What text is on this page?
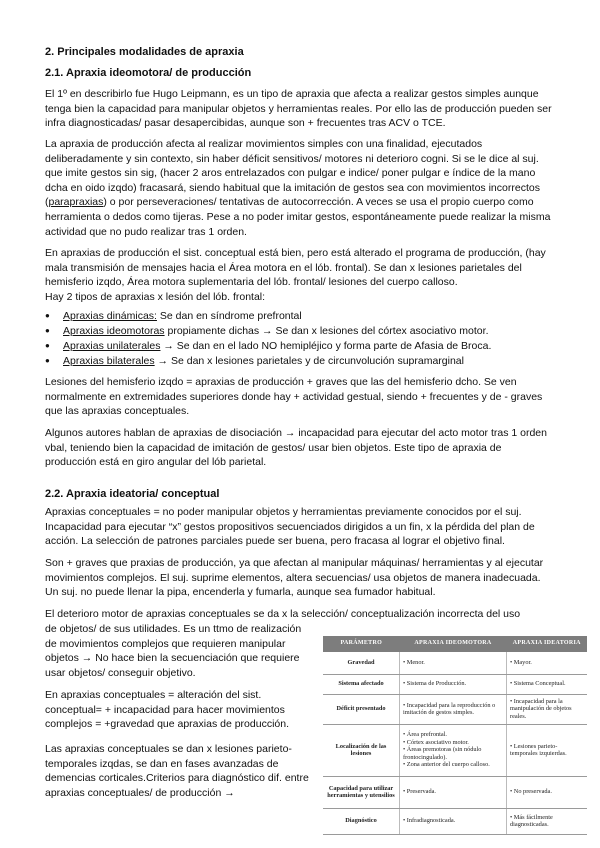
2. Principales modalidades de apraxia
2.1. Apraxia ideomotora/ de producción
El 1º en describirlo fue Hugo Leipmann, es un tipo de apraxia que afecta a realizar gestos simples aunque tenga bien la capacidad para manipular objetos y herramientas reales. Por ello las de producción pueden ser infra diagnosticadas/ pasar desapercibidas, aunque son + frecuentes tras ACV o TCE.
La apraxia de producción afecta al realizar movimientos simples con una finalidad, ejecutados deliberadamente y sin contexto, sin haber déficit sensitivos/ motores ni deterioro cogni. Si se le dice al suj. que imite gestos sin sig, (hacer 2 aros entrelazados con pulgar e indice/ poner pulgar e índice de la mano dcha en oido izqdo) fracasará, siendo habitual que la imitación de gestos sea con movimientos incorrectos (parapraxias) o por perseveraciones/ tentativas de autocorrección. A veces se usa el propio cuerpo como herramienta o dedos como tijeras. Pese a no poder imitar gestos, espontáneamente puede realizar la misma actividad que no pudo realizar tras 1 orden.
En apraxias de producción el sist. conceptual está bien, pero está alterado el programa de producción, (hay mala transmisión de mensajes hacia el Área motora en el lób. frontal). Se dan x lesiones parietales del hemisferio izqdo, Área motora suplementaria del lób. frontal/ lesiones del cuerpo calloso.
Hay 2 tipos de apraxias x lesión del lób. frontal:
● Apraxias dinámicas: Se dan en síndrome prefrontal
● Apraxias ideomotoras propiamente dichas → Se dan x lesiones del córtex asociativo motor.
● Apraxias unilaterales → Se dan en el lado NO hemipléjico y forma parte de Afasia de Broca.
● Apraxias bilaterales → Se dan x lesiones parietales y de circunvolución supramarginal
Lesiones del hemisferio izqdo = apraxias de producción + graves que las del hemisferio dcho. Se ven normalmente en extremidades superiores donde hay + actividad gestual, siendo + frecuentes y de - graves que las apraxias conceptuales.
Algunos autores hablan de apraxias de disociación → incapacidad para ejecutar del acto motor tras 1 orden vbal, teniendo bien la capacidad de imitación de gestos/ usar bien objetos. Este tipo de apraxia de producción está en giro angular del lób parietal.
2.2. Apraxia ideatoria/ conceptual
Apraxias conceptuales = no poder manipular objetos y herramientas previamente conocidos por el suj. Incapacidad para ejecutar “x” gestos propositivos secuenciados dirigidos a un fin, x la pérdida del plan de acción. La selección de patrones parciales puede ser buena, pero fracasa al lograr el objetivo final.
Son + graves que praxias de producción, ya que afectan al manipular máquinas/ herramientas y al ejecutar movimientos complejos. El suj. suprime elementos, altera secuencias/ usa objetos de manera inadecuada. Un suj. no puede llenar la pipa, encenderla y fumarla, aunque sea fumador habitual.
El deterioro motor de apraxias conceptuales se da x la selección/ conceptualización incorrecta del uso
de objetos/ de sus utilidades. Es un ttmo de realización de movimientos complejos que requieren manipular objetos → No hace bien la secuenciación que requiere usar objetos/ conseguir objetivo.
En apraxias conceptuales = alteración del sist. conceptual= + incapacidad para hacer movimientos complejos = +gravedad que apraxias de producción.
Las apraxias conceptuales se dan x lesiones parieto-temporales izqdas, se dan en fases avanzadas de demencias corticales.Criterios para diagnóstico dif. entre apraxias conceptuales/ de producción →
PARÁMETRO	APRAXIA IDEOMOTORA	APRAXIA IDEATORIA
Gravedad	• Menor.	• Mayor.
Sistema afectado	• Sistema de Producción.	• Sistema Conceptual.
Déficit presentado	• Incapacidad para la reproducción o imitación de gestos simples.	• Incapacidad para la manipulación de objetos reales.
Localización de las lesiones	• Área prefrontal.
• Córtex asociativo motor.
• Áreas premotoras (sin nódulo frontocingulado).
• Zona anterior del cuerpo calloso.	• Lesiones parieto-temporales izquierdas.
Capacidad para utilizar herramientas y utensilios	• Preservada.	• No preservada.
Diagnóstico	• Infradiagnosticada.	• Más fácilmente diagnosticadas.
